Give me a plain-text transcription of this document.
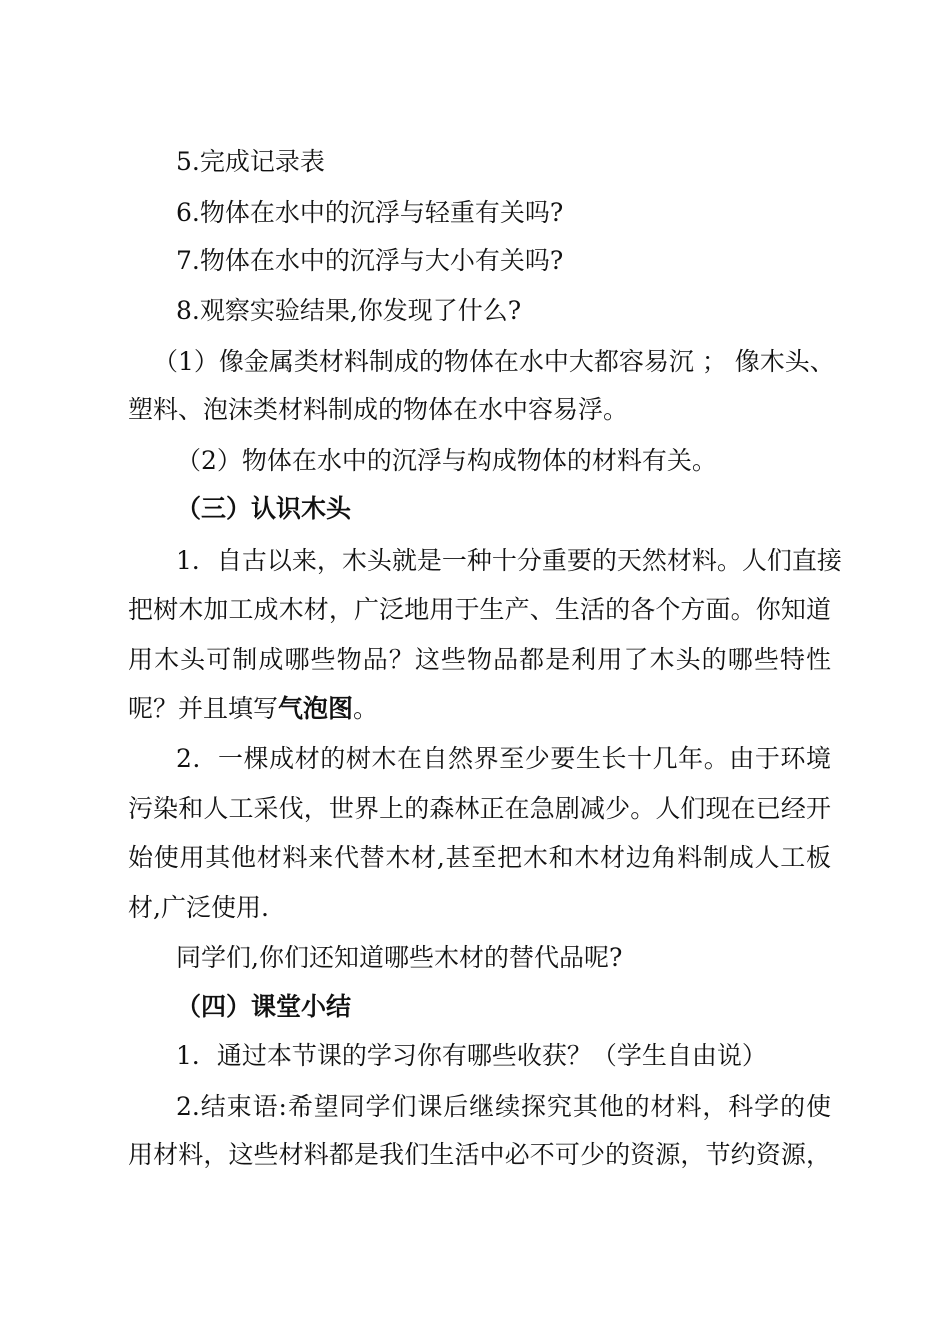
5.完成记录表
6.物体在水中的沉浮与轻重有关吗?
7.物体在水中的沉浮与大小有关吗?
8.观察实验结果,你发现了什么?
（1）像金属类材料制成的物体在水中大都容易沉 ； 像木头、
塑料、泡沫类材料制成的物体在水中容易浮。
（2）物体在水中的沉浮与构成物体的材料有关。
（三）认识木头
1．自古以来，木头就是一种十分重要的天然材料。人们直接
把树木加工成木材，广泛地用于生产、生活的各个方面。你知道
用木头可制成哪些物品？这些物品都是利用了木头的哪些特性
呢？并且填写气泡图。
2．一棵成材的树木在自然界至少要生长十几年。由于环境
污染和人工采伐，世界上的森林正在急剧减少。人们现在已经开
始使用其他材料来代替木材,甚至把木和木材边角料制成人工板
材,广泛使用.
同学们,你们还知道哪些木材的替代品呢?
（四）课堂小结
1．通过本节课的学习你有哪些收获？（学生自由说）
2.结束语:希望同学们课后继续探究其他的材料，科学的使
用材料，这些材料都是我们生活中必不可少的资源，节约资源，
